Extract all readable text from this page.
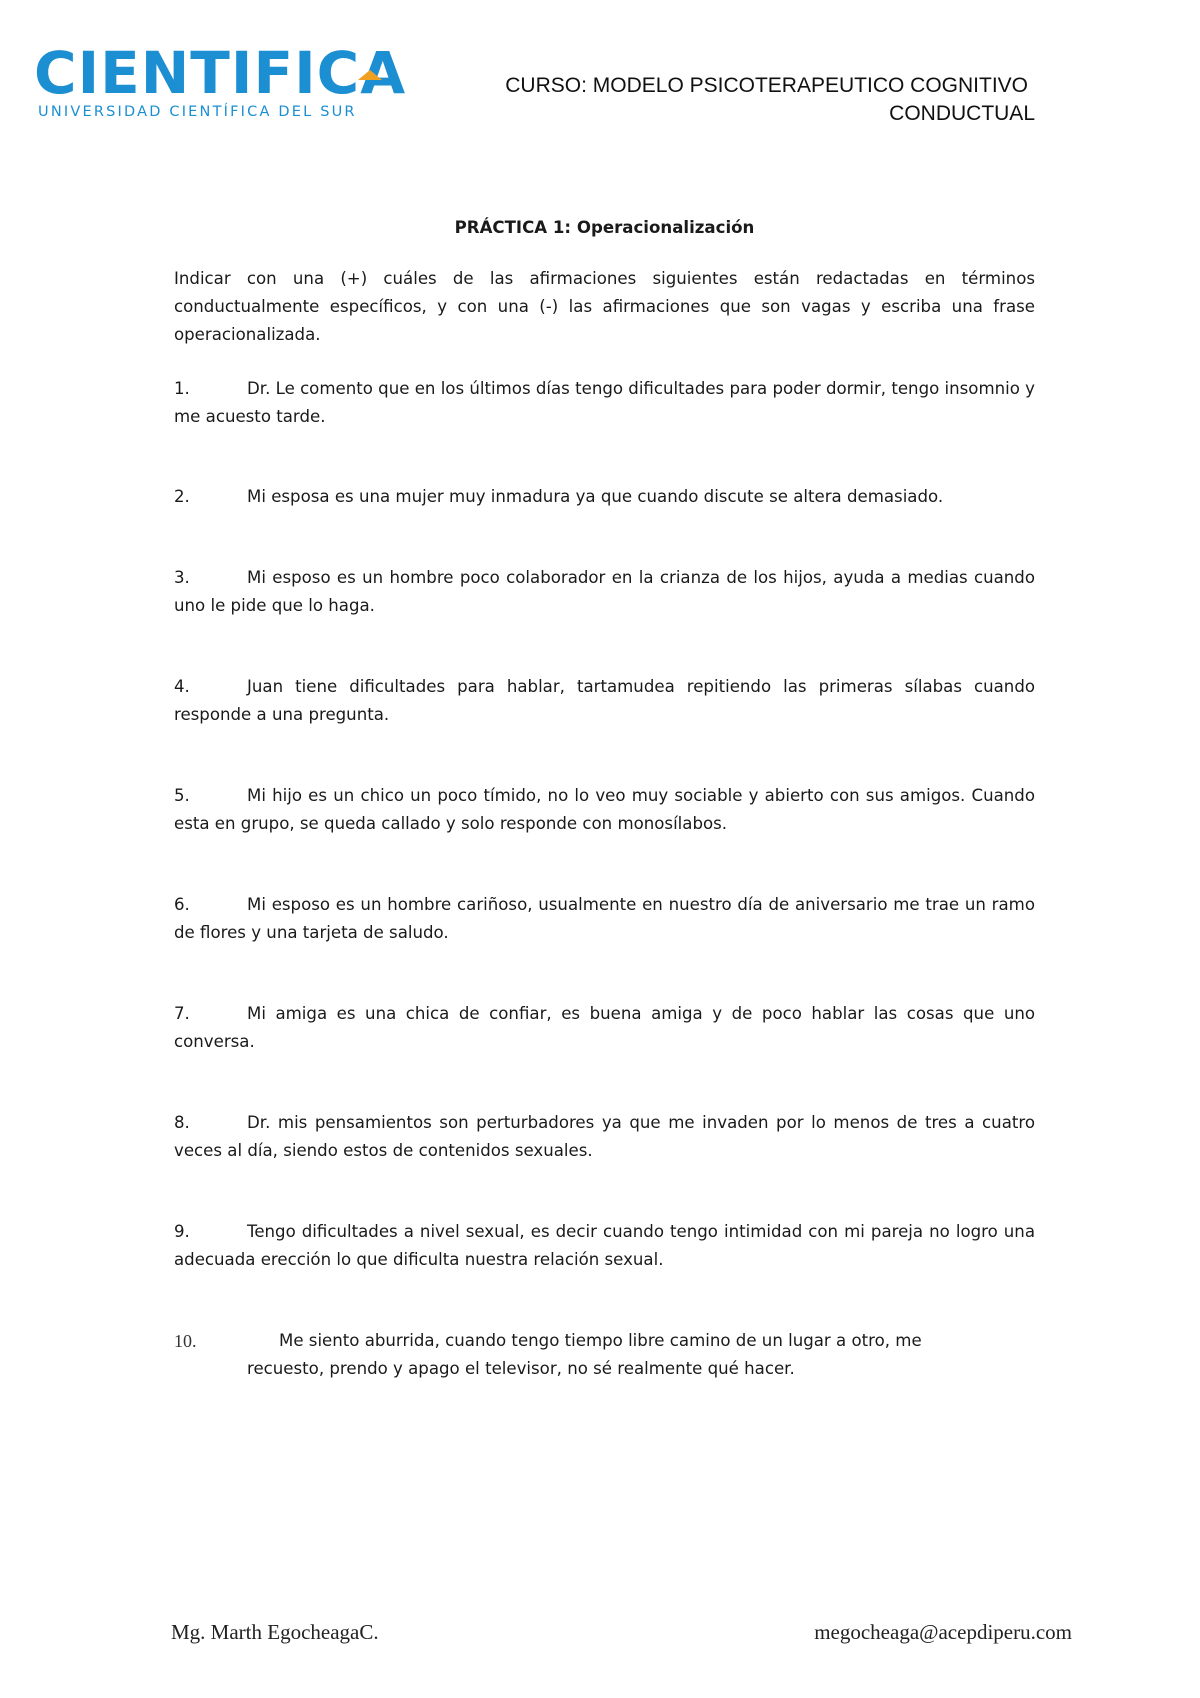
CIENTIFICA
UNIVERSIDAD CIENTÍFICA DEL SUR
CURSO: MODELO PSICOTERAPEUTICO COGNITIVO
CONDUCTUAL
PRÁCTICA 1: Operacionalización
Indicar con una (+) cuáles de las afirmaciones siguientes están redactadas en términos conductualmente específicos, y con una (-) las afirmaciones que son vagas y escriba una frase operacionalizada.
1.	Dr. Le comento que en los últimos días tengo dificultades para poder dormir, tengo insomnio y me acuesto tarde.
2.	Mi esposa es una mujer muy inmadura ya que cuando discute se altera demasiado.
3.	Mi esposo es un hombre poco colaborador en la crianza de los hijos, ayuda a medias cuando uno le pide que lo haga.
4.	Juan tiene dificultades para hablar, tartamudea repitiendo las primeras sílabas cuando responde a una pregunta.
5.	Mi hijo es un chico un poco tímido, no lo veo muy sociable y abierto con sus amigos. Cuando esta en grupo, se queda callado y solo responde con monosílabos.
6.	Mi esposo es un hombre cariñoso, usualmente en nuestro día de aniversario me trae un ramo de flores y una tarjeta de saludo.
7.	Mi amiga es una chica de confiar, es buena amiga y de poco hablar las cosas que uno conversa.
8.	Dr. mis pensamientos son perturbadores ya que me invaden por lo menos de tres a cuatro veces al día, siendo estos de contenidos sexuales.
9.	Tengo dificultades a nivel sexual, es decir cuando tengo intimidad con mi pareja no logro una adecuada erección lo que dificulta nuestra relación sexual.
10.	Me siento aburrida, cuando tengo tiempo libre camino de un lugar a otro, me
recuesto, prendo y apago el televisor, no sé realmente qué hacer.
Mg. Marth EgocheagaC.	megocheaga@acepdiperu.com
